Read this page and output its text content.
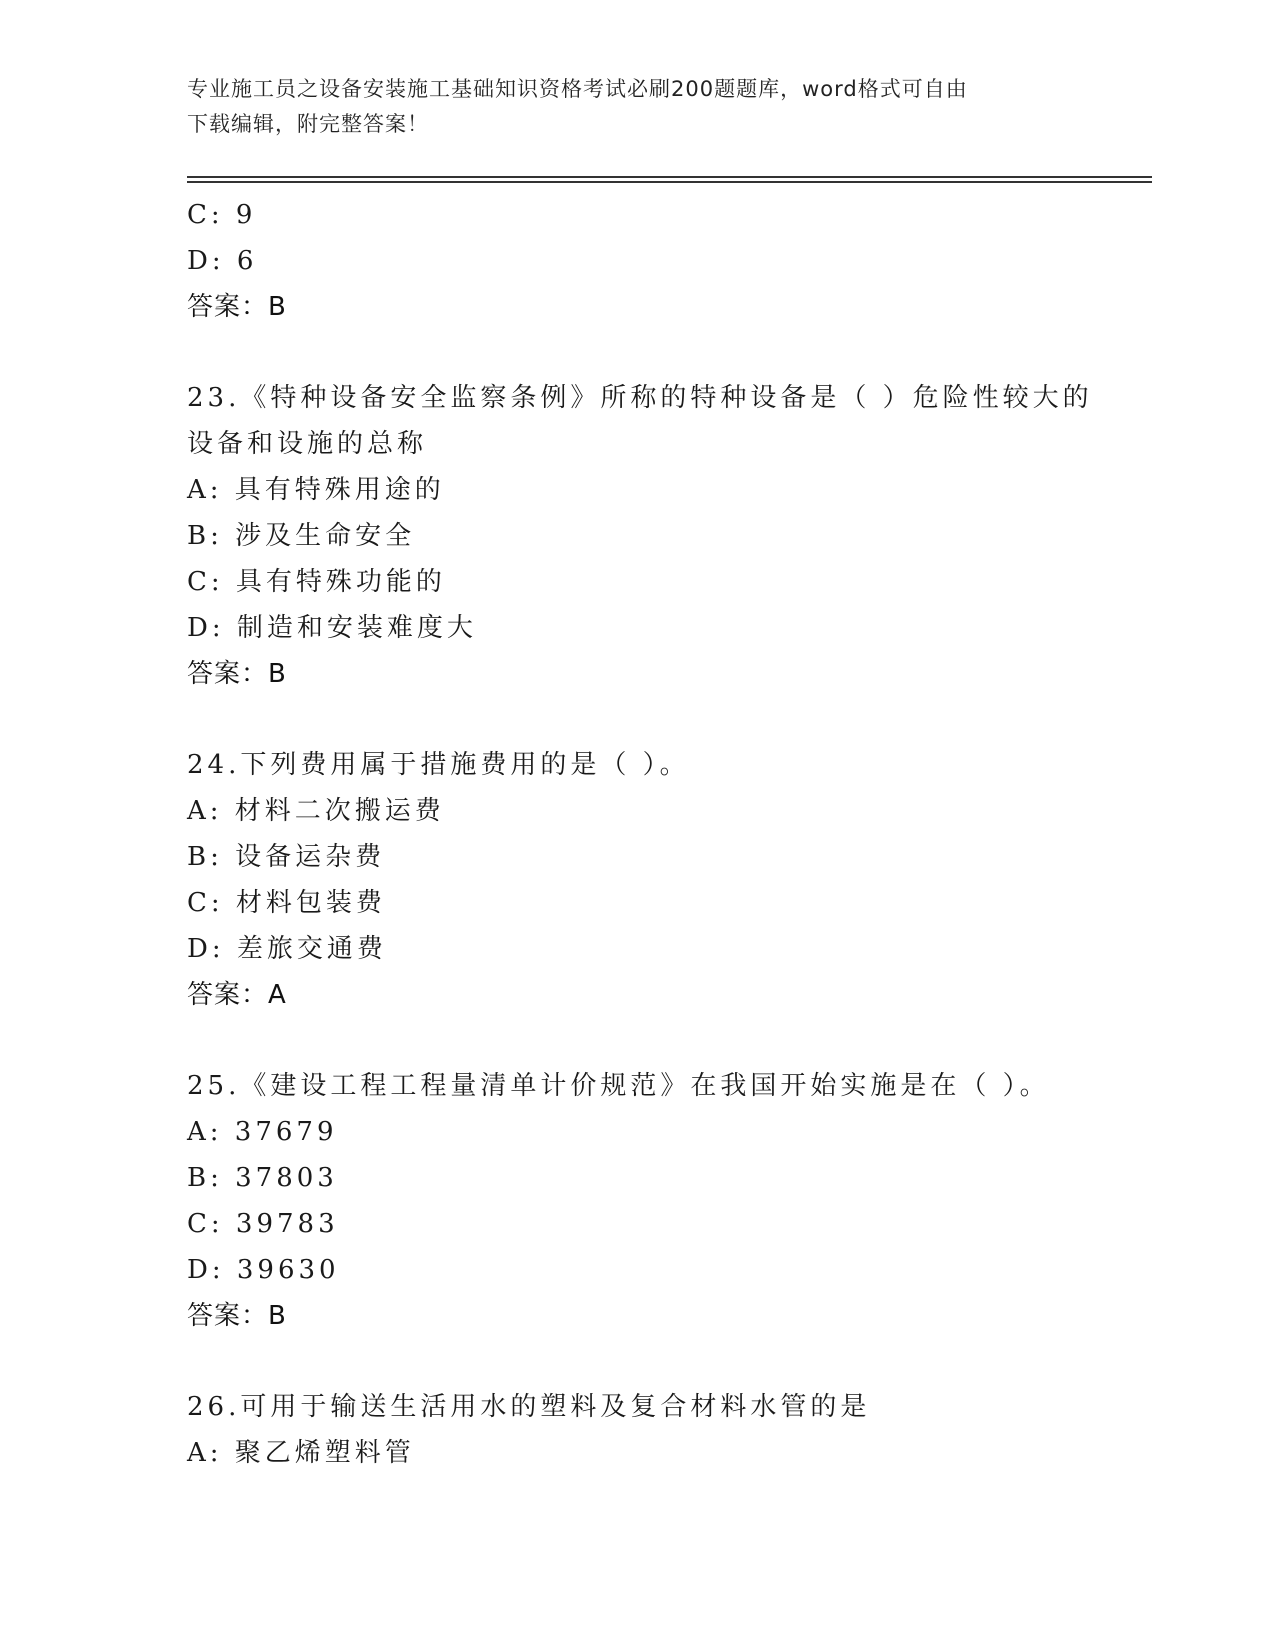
专业施工员之设备安装施工基础知识资格考试必刷200题题库，word格式可自由
下载编辑，附完整答案！
C: 9
D: 6
答案：B
23.《特种设备安全监察条例》所称的特种设备是（ ）危险性较大的
设备和设施的总称
A: 具有特殊用途的
B: 涉及生命安全
C: 具有特殊功能的
D: 制造和安装难度大
答案：B
24.下列费用属于措施费用的是（ ）。
A: 材料二次搬运费
B: 设备运杂费
C: 材料包装费
D: 差旅交通费
答案：A
25.《建设工程工程量清单计价规范》在我国开始实施是在（ ）。
A: 37679
B: 37803
C: 39783
D: 39630
答案：B
26.可用于输送生活用水的塑料及复合材料水管的是
A: 聚乙烯塑料管
